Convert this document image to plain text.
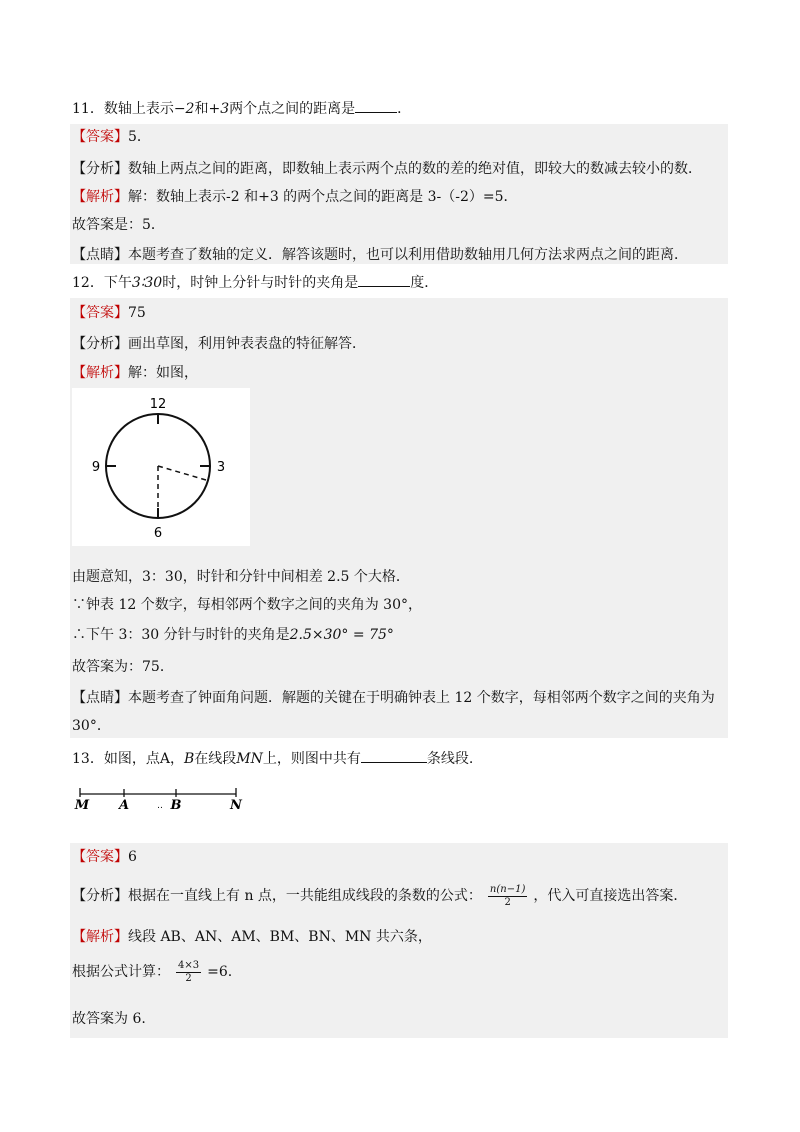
11．数轴上表示−2和+3两个点之间的距离是	．
【答案】5．
【分析】数轴上两点之间的距离，即数轴上表示两个点的数的差的绝对值，即较大的数减去较小的数．
【解析】解：数轴上表示-2 和+3 的两个点之间的距离是 3-（-2）=5．
故答案是：5．
【点睛】本题考查了数轴的定义．解答该题时，也可以利用借助数轴用几何方法求两点之间的距离．
12．下午3∶30时，时钟上分针与时针的夹角是	度．
【答案】75
【分析】画出草图，利用钟表表盘的特征解答．
【解析】解：如图，
12
3
6
9
由题意知，3：30，时针和分针中间相差 2.5 个大格．
∵钟表 12 个数字，每相邻两个数字之间的夹角为 30°，
∴下午 3：30 分针与时针的夹角是2.5×30° = 75°
故答案为：75．
【点睛】本题考查了钟面角问题．解题的关键在于明确钟表上 12 个数字，每相邻两个数字之间的夹角为
30°．
13．如图，点A，B在线段MN上，则图中共有	条线段.
M A	.. B	N
【答案】6
【分析】根据在一直线上有 n 点，一共能组成线段的条数的公式： $\frac{n(n-1)}{2}$ ，代入可直接选出答案．
【解析】线段 AB、AN、AM、BM、BN、MN 共六条，
根据公式计算： $\frac{4\times 3}{2} =6$.
故答案为 6.
